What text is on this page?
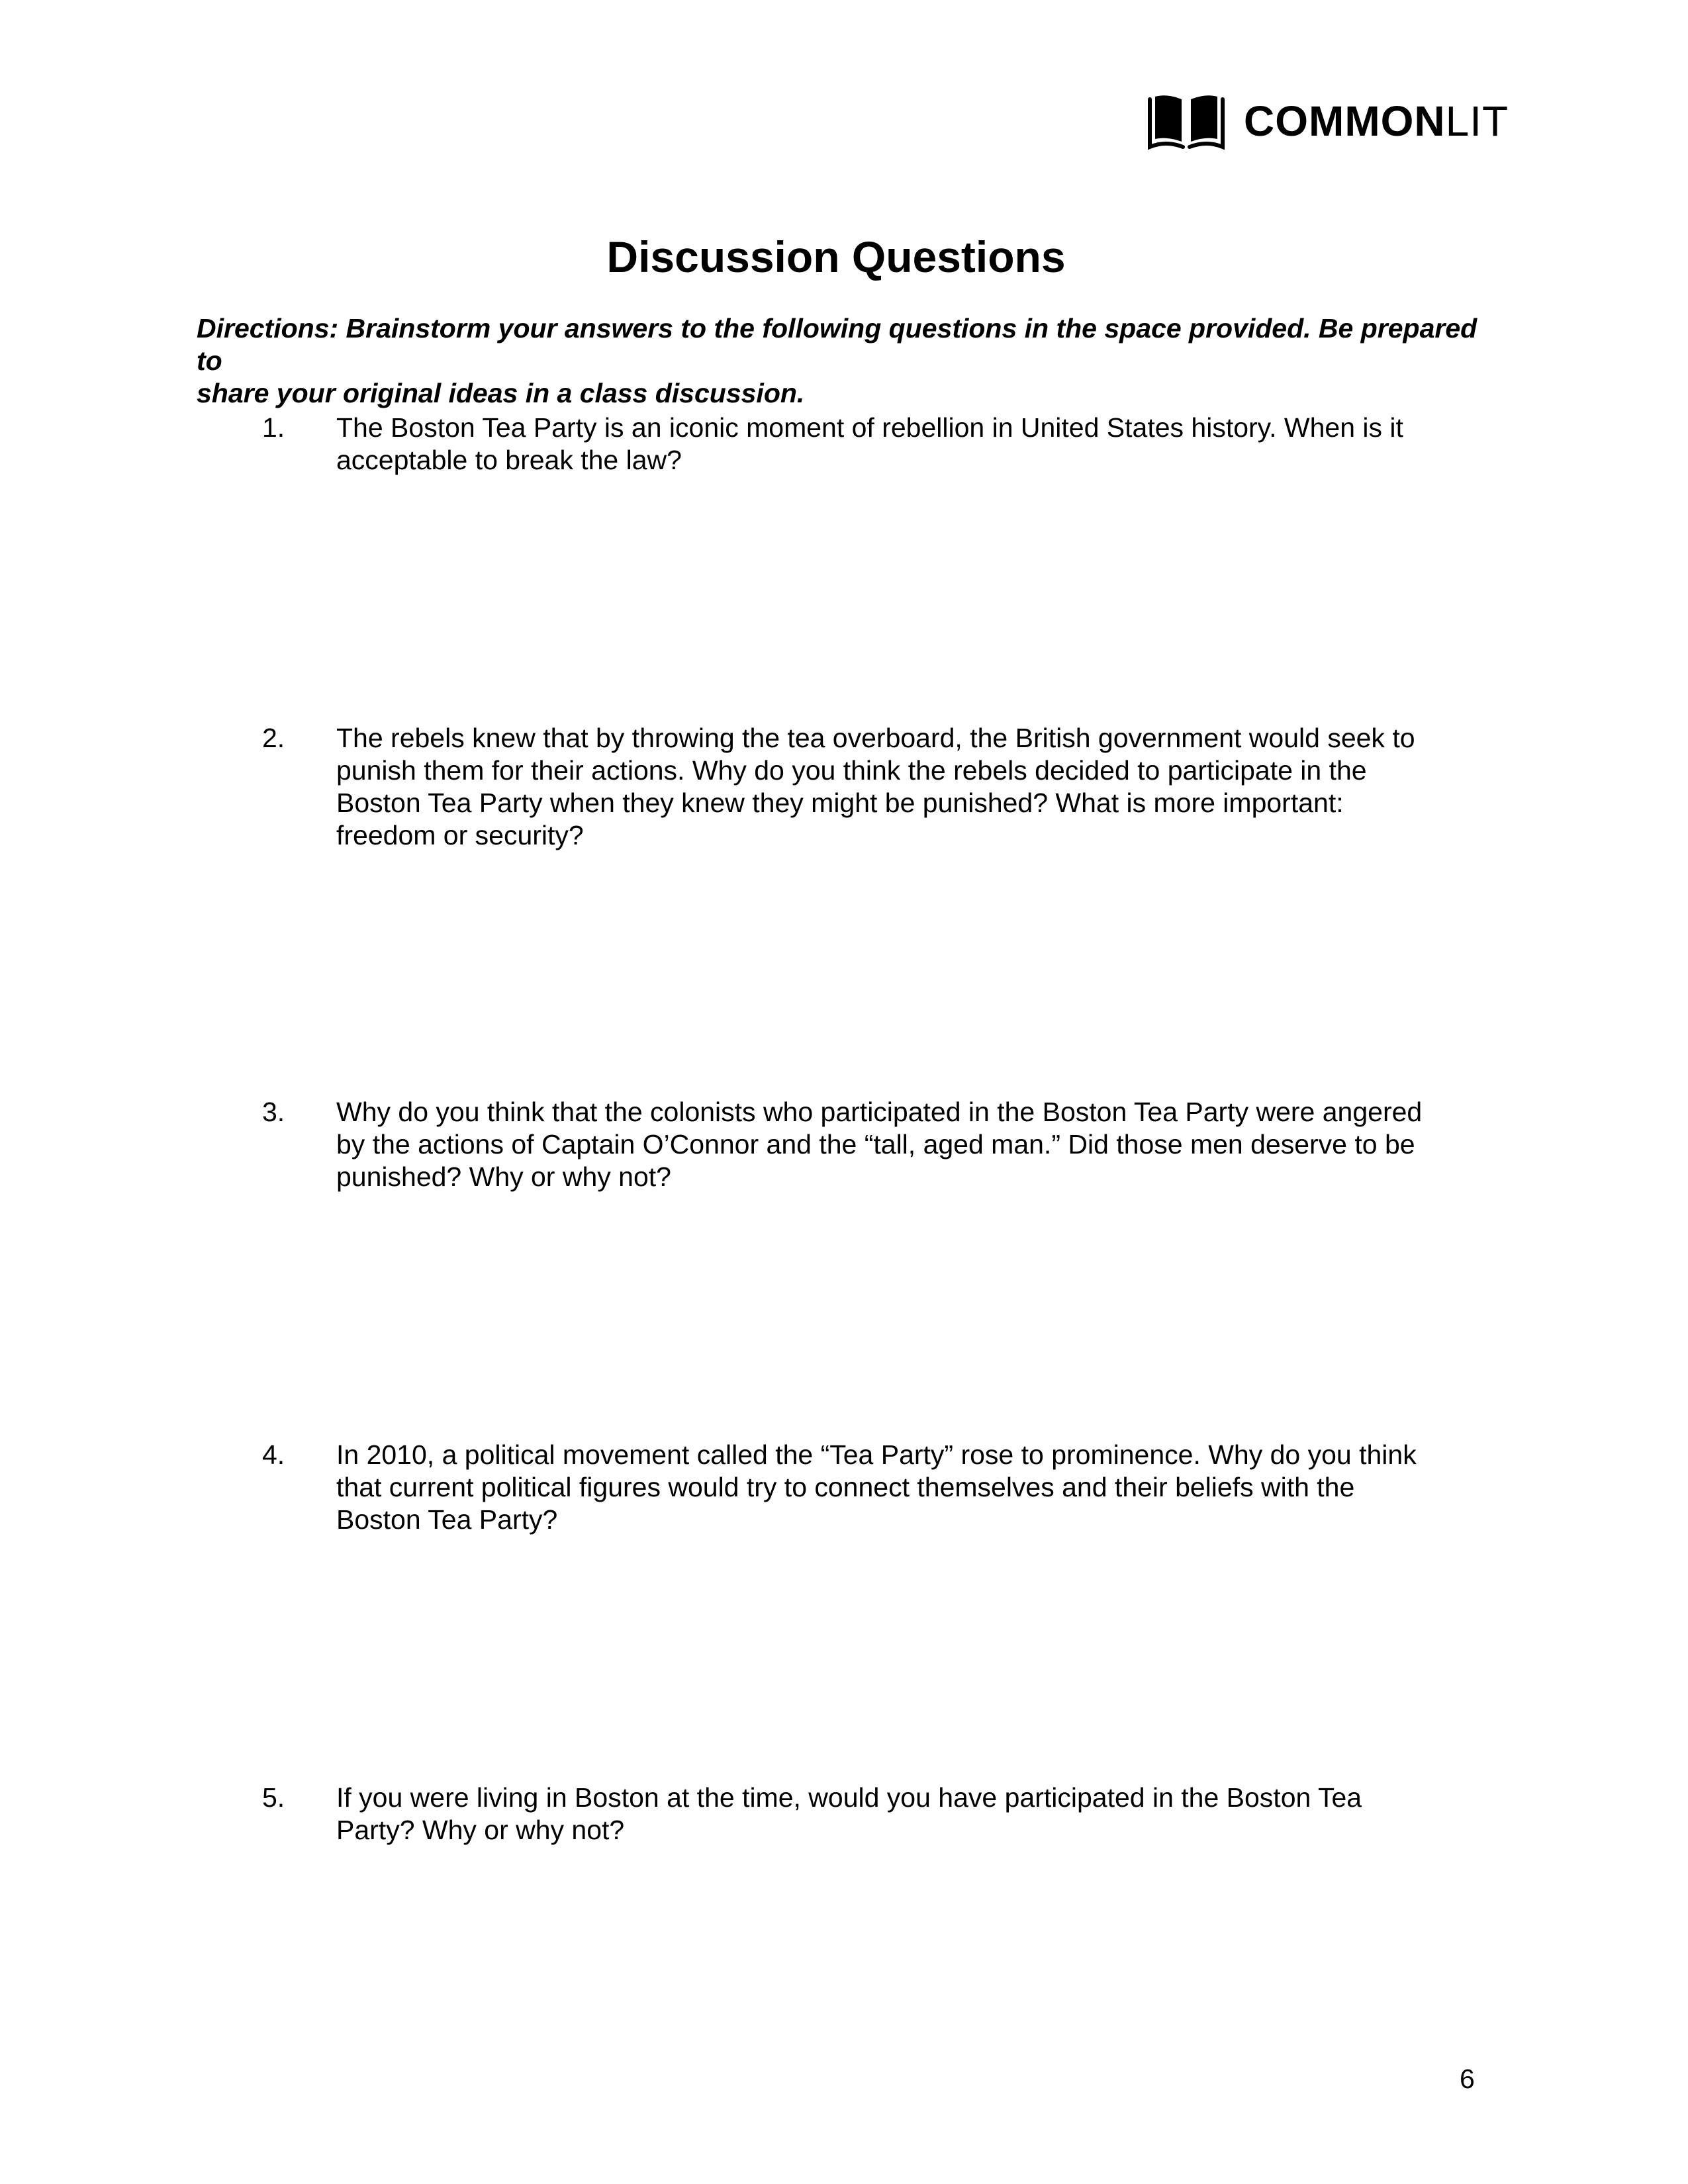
COMMONLIT
Discussion Questions
Directions: Brainstorm your answers to the following questions in the space provided. Be prepared to
share your original ideas in a class discussion.
1. The Boston Tea Party is an iconic moment of rebellion in United States history. When is it
acceptable to break the law?
2. The rebels knew that by throwing the tea overboard, the British government would seek to
punish them for their actions. Why do you think the rebels decided to participate in the
Boston Tea Party when they knew they might be punished? What is more important:
freedom or security?
3. Why do you think that the colonists who participated in the Boston Tea Party were angered
by the actions of Captain O’Connor and the “tall, aged man.” Did those men deserve to be
punished? Why or why not?
4. In 2010, a political movement called the “Tea Party” rose to prominence. Why do you think
that current political figures would try to connect themselves and their beliefs with the
Boston Tea Party?
5. If you were living in Boston at the time, would you have participated in the Boston Tea
Party? Why or why not?
6
